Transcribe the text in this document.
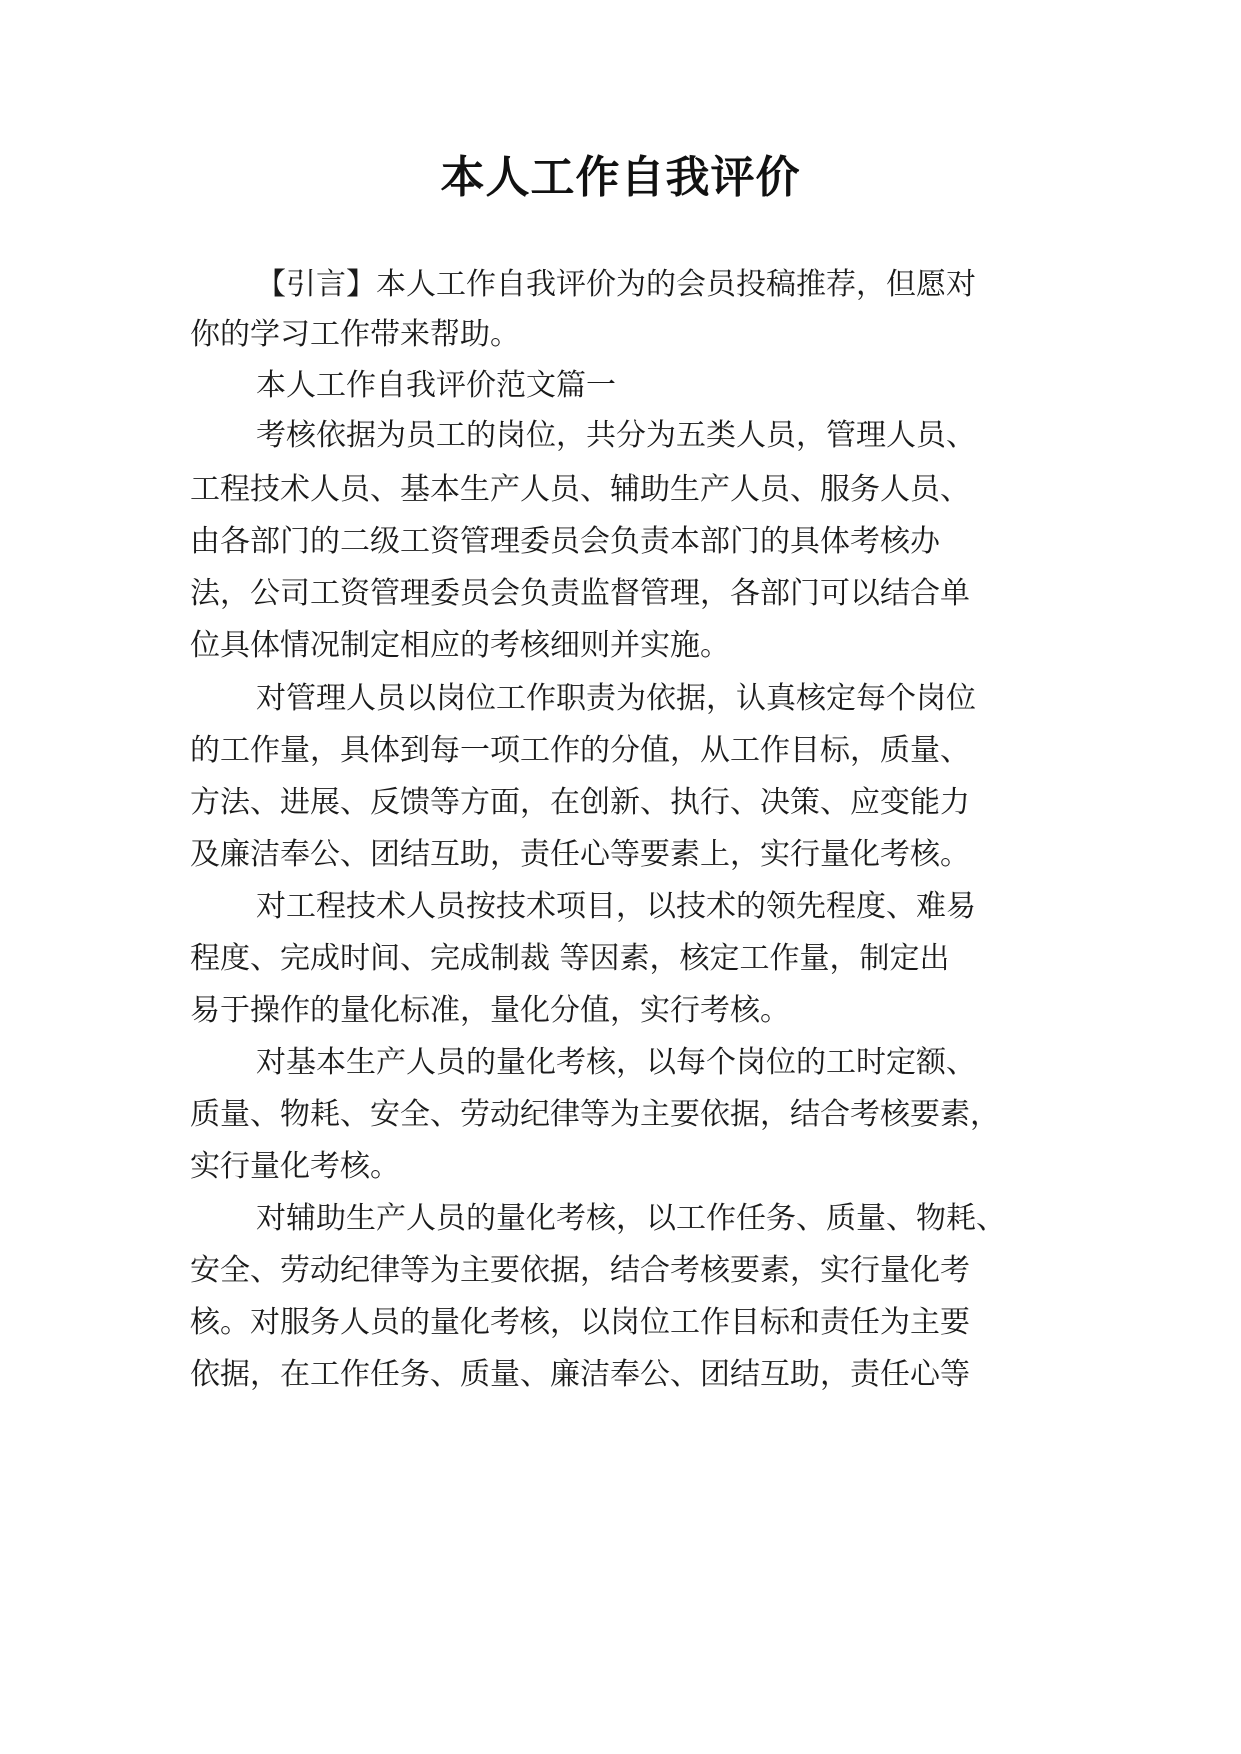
本人工作自我评价
【引言】本人工作自我评价为的会员投稿推荐，但愿对
你的学习工作带来帮助。
本人工作自我评价范文篇一
考核依据为员工的岗位，共分为五类人员，管理人员、
工程技术人员、基本生产人员、辅助生产人员、服务人员、
由各部门的二级工资管理委员会负责本部门的具体考核办
法，公司工资管理委员会负责监督管理，各部门可以结合单
位具体情况制定相应的考核细则并实施。
对管理人员以岗位工作职责为依据，认真核定每个岗位
的工作量，具体到每一项工作的分值，从工作目标，质量、
方法、进展、反馈等方面，在创新、执行、决策、应变能力
及廉洁奉公、团结互助，责任心等要素上，实行量化考核。
对工程技术人员按技术项目，以技术的领先程度、难易
程度、完成时间、完成制裁 等因素，核定工作量，制定出
易于操作的量化标准，量化分值，实行考核。
对基本生产人员的量化考核，以每个岗位的工时定额、
质量、物耗、安全、劳动纪律等为主要依据，结合考核要素，
实行量化考核。
对辅助生产人员的量化考核，以工作任务、质量、物耗、
安全、劳动纪律等为主要依据，结合考核要素，实行量化考
核。对服务人员的量化考核，以岗位工作目标和责任为主要
依据，在工作任务、质量、廉洁奉公、团结互助，责任心等
